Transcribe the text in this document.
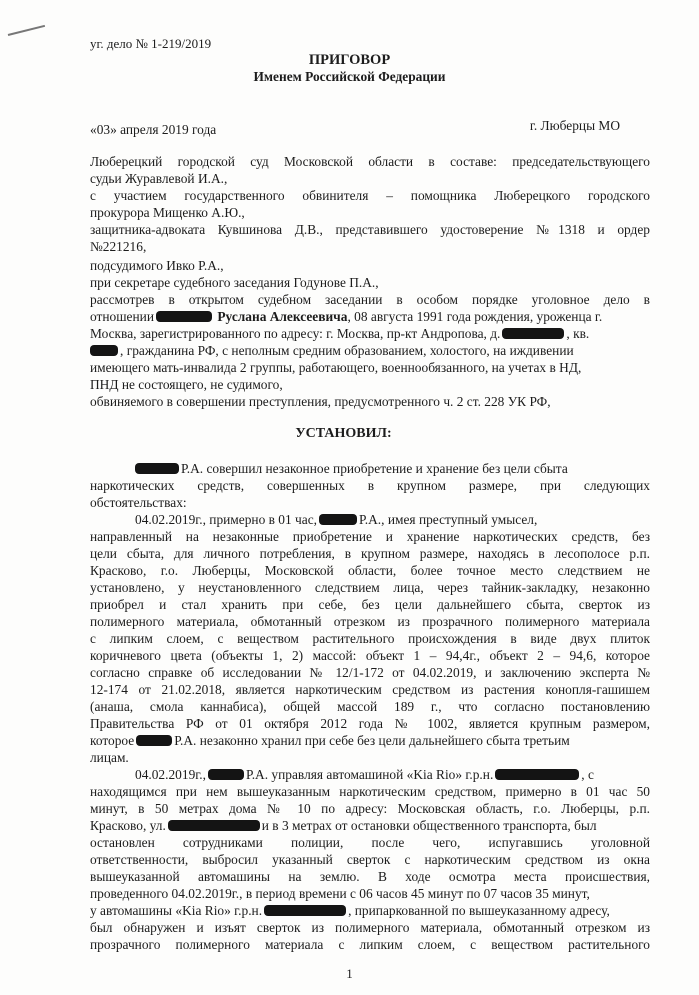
уг. дело № 1-219/2019
ПРИГОВОР
Именем Российской Федерации
«03» апреля 2019 года	г. Люберцы МО
Люберецкий городской суд Московской области в составе: председательствующего
судьи Журавлевой И.А.,
с участием государственного обвинителя – помощника Люберецкого городского
прокурора Мищенко А.Ю.,
защитника-адвоката Кувшинова Д.В., представившего удостоверение №1318 и ордер
№221216,
подсудимого Ивко Р.А.,
при секретаре судебного заседания Годунове П.А.,
рассмотрев в открытом судебном заседании в особом порядке уголовное дело в
отношении	Руслана Алексеевича, 08 августа 1991 года рождения, уроженца г.
Москва, зарегистрированного по адресу: г. Москва, пр-кт Андропова, д.	, кв.
, гражданина РФ, с неполным средним образованием, холостого, на иждивении
имеющего мать-инвалида 2 группы, работающего, военнообязанного, на учетах в НД,
ПНД не состоящего, не судимого,
обвиняемого в совершении преступления, предусмотренного ч. 2 ст. 228 УК РФ,
УСТАНОВИЛ:
Р.А. совершил незаконное приобретение и хранение без цели сбыта
наркотических средств, совершенных в крупном размере, при следующих
обстоятельствах:
04.02.2019г., примерно в 01 час,	Р.А., имея преступный умысел,
направленный на незаконные приобретение и хранение наркотических средств, без
цели сбыта, для личного потребления, в крупном размере, находясь в лесополосе р.п.
Красково, г.о. Люберцы, Московской области, более точное место следствием не
установлено, у неустановленного следствием лица, через тайник-закладку, незаконно
приобрел и стал хранить при себе, без цели дальнейшего сбыта, сверток из
полимерного материала, обмотанный отрезком из прозрачного полимерного материала
с липким слоем, с веществом растительного происхождения в виде двух плиток
коричневого цвета (объекты 1, 2) массой: объект 1 – 94,4г., объект 2 – 94,6, которое
согласно справке об исследовании № 12/1-172 от 04.02.2019, и заключению эксперта №
12-174 от 21.02.2018, является наркотическим средством из растения конопля-гашишем
(анаша, смола каннабиса), общей массой 189 г., что согласно постановлению
Правительства РФ от 01 октября 2012 года № 1002, является крупным размером,
которое	Р.А. незаконно хранил при себе без цели дальнейшего сбыта третьим
лицам.
04.02.2019г.,	Р.А. управляя автомашиной «Kia Rio» г.р.н.	, с
находящимся при нем вышеуказанным наркотическим средством, примерно в 01 час 50
минут, в 50 метрах дома № 10 по адресу: Московская область, г.о. Люберцы, р.п.
Красково, ул.	и в 3 метрах от остановки общественного транспорта, был
остановлен сотрудниками полиции, после чего, испугавшись уголовной
ответственности, выбросил указанный сверток с наркотическим средством из окна
вышеуказанной автомашины на землю. В ходе осмотра места происшествия,
проведенного 04.02.2019г., в период времени с 06 часов 45 минут по 07 часов 35 минут,
у автомашины «Kia Rio» г.р.н.	, припаркованной по вышеуказанному адресу,
был обнаружен и изъят сверток из полимерного материала, обмотанный отрезком из
прозрачного полимерного материала с липким слоем, с веществом растительного
1
